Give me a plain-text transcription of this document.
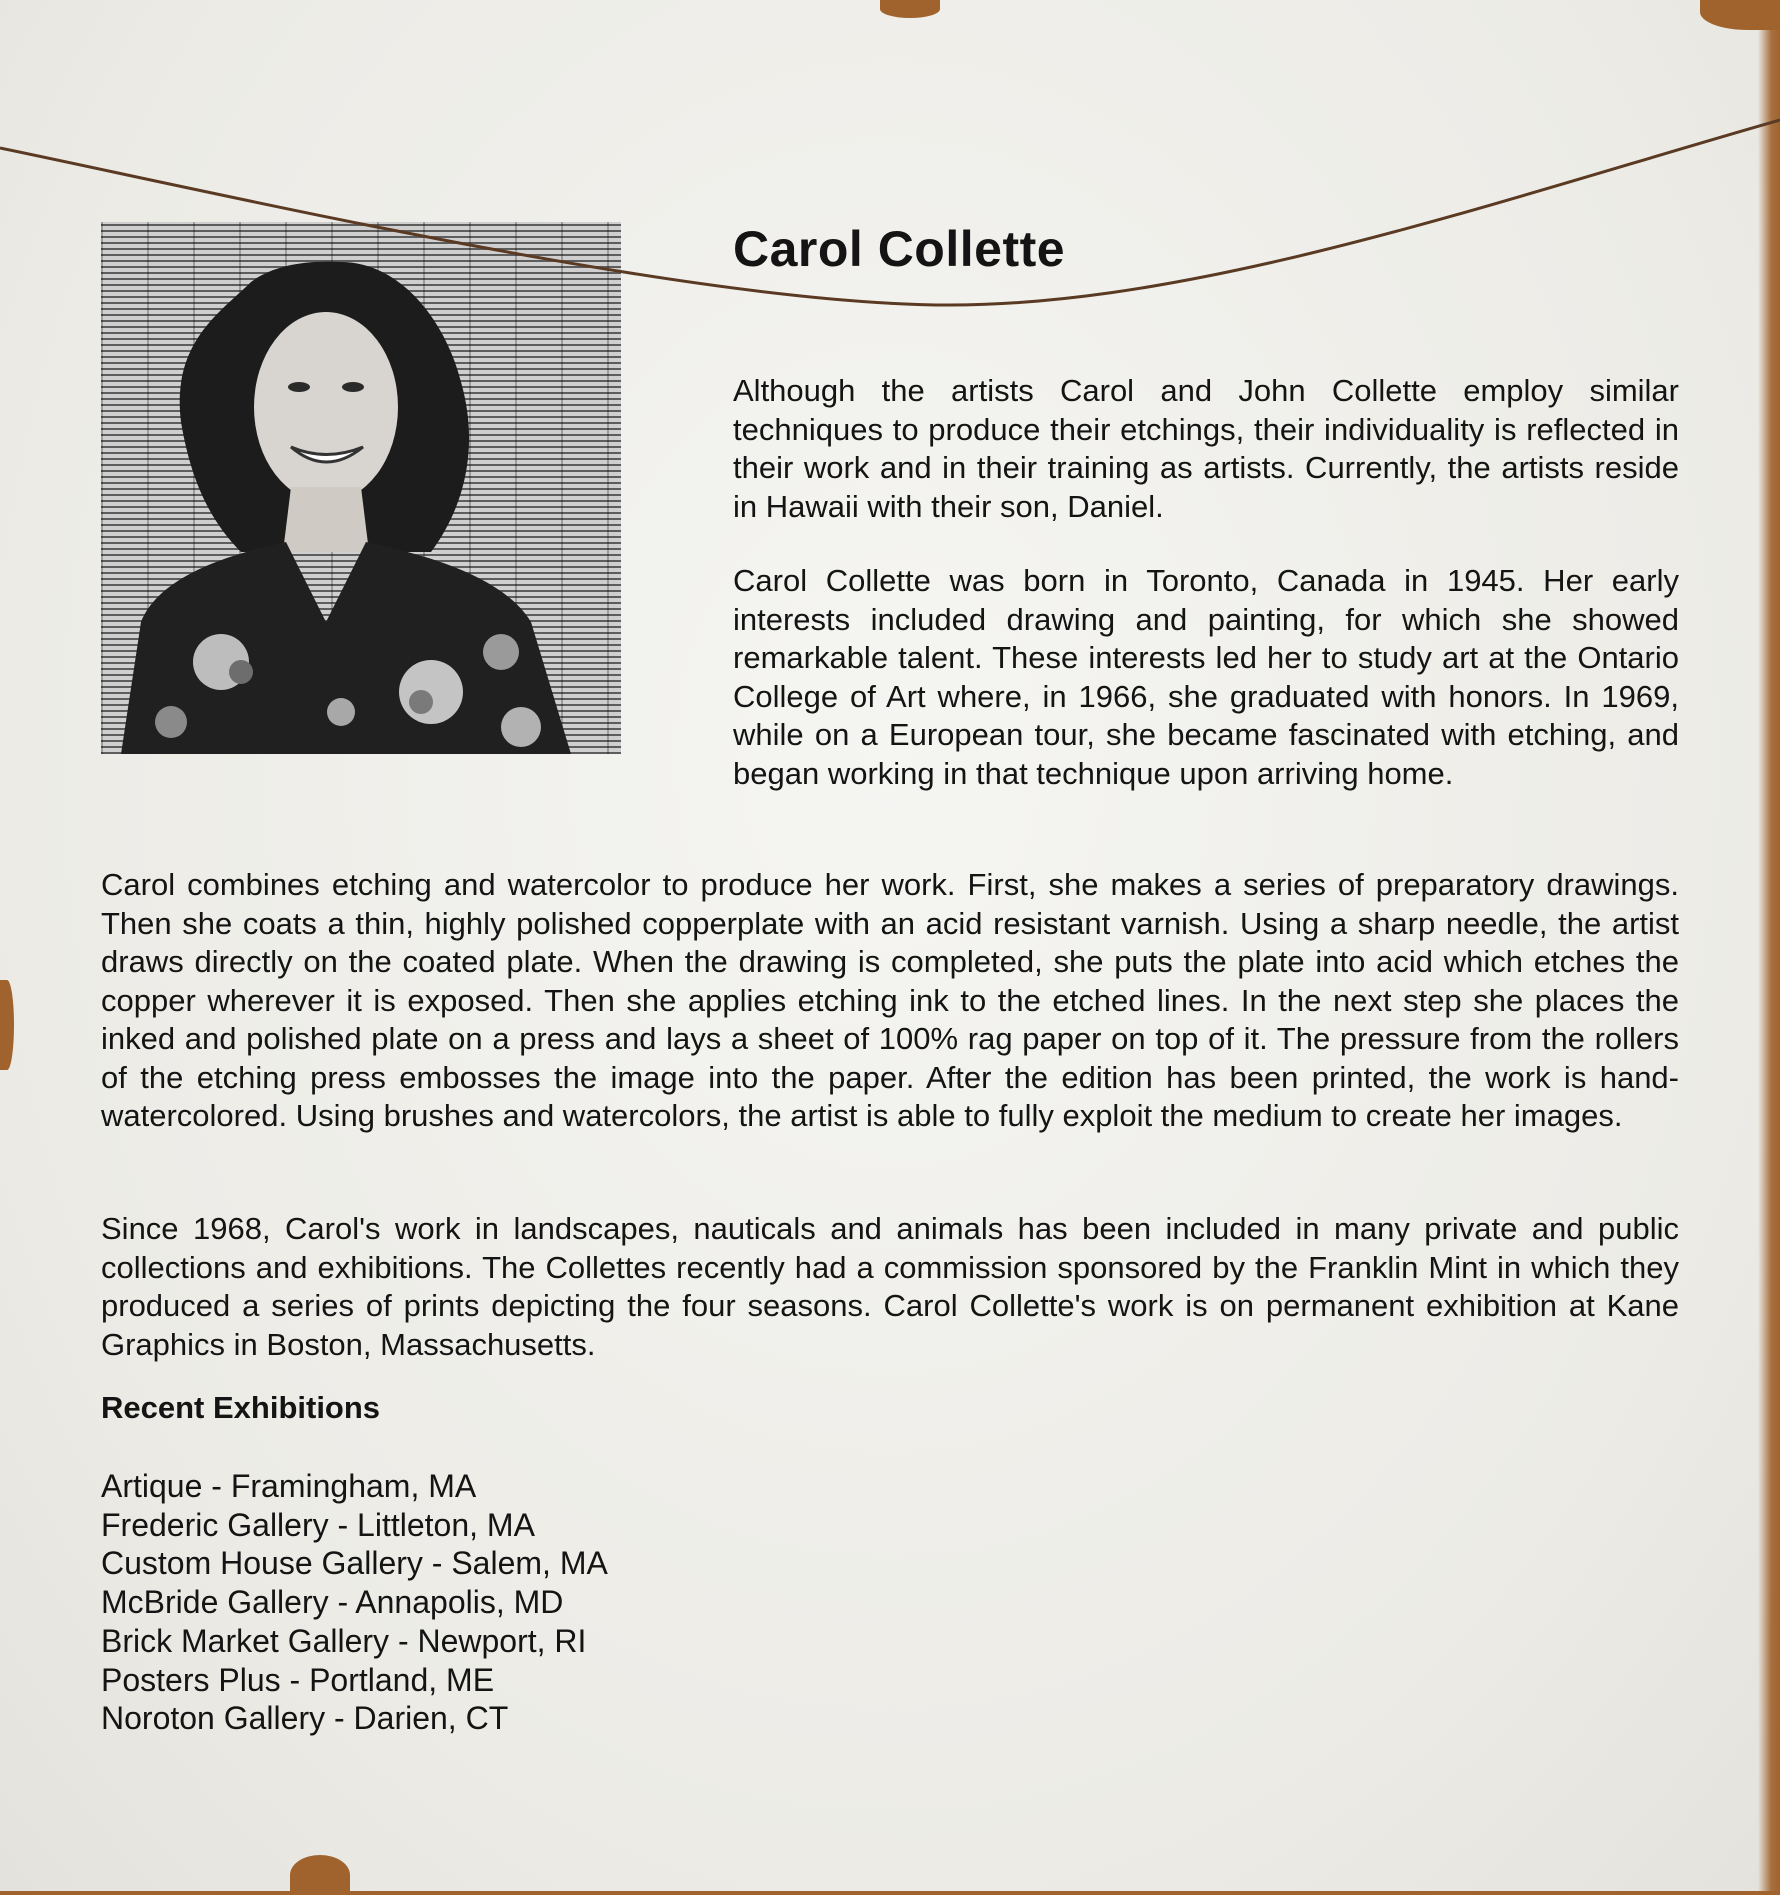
Carol Collette

Although the artists Carol and John Collette employ similar techniques to produce their etchings, their individuality is reflected in their work and in their training as artists. Currently, the artists reside in Hawaii with their son, Daniel.

Carol Collette was born in Toronto, Canada in 1945. Her early interests included drawing and painting, for which she showed remarkable talent. These interests led her to study art at the Ontario College of Art where, in 1966, she graduated with honors. In 1969, while on a European tour, she became fascinated with etching, and began working in that technique upon arriving home.

Carol combines etching and watercolor to produce her work. First, she makes a series of preparatory drawings. Then she coats a thin, highly polished copperplate with an acid resistant varnish. Using a sharp needle, the artist draws directly on the coated plate. When the drawing is completed, she puts the plate into acid which etches the copper wherever it is exposed. Then she applies etching ink to the etched lines. In the next step she places the inked and polished plate on a press and lays a sheet of 100% rag paper on top of it. The pressure from the rollers of the etching press embosses the image into the paper. After the edition has been printed, the work is hand-watercolored. Using brushes and watercolors, the artist is able to fully exploit the medium to create her images.

Since 1968, Carol's work in landscapes, nauticals and animals has been included in many private and public collections and exhibitions. The Collettes recently had a commission sponsored by the Franklin Mint in which they produced a series of prints depicting the four seasons. Carol Collette's work is on permanent exhibition at Kane Graphics in Boston, Massachusetts.

Recent Exhibitions
Artique - Framingham, MA
Frederic Gallery - Littleton, MA
Custom House Gallery - Salem, MA
McBride Gallery - Annapolis, MD
Brick Market Gallery - Newport, RI
Posters Plus - Portland, ME
Noroton Gallery - Darien, CT
